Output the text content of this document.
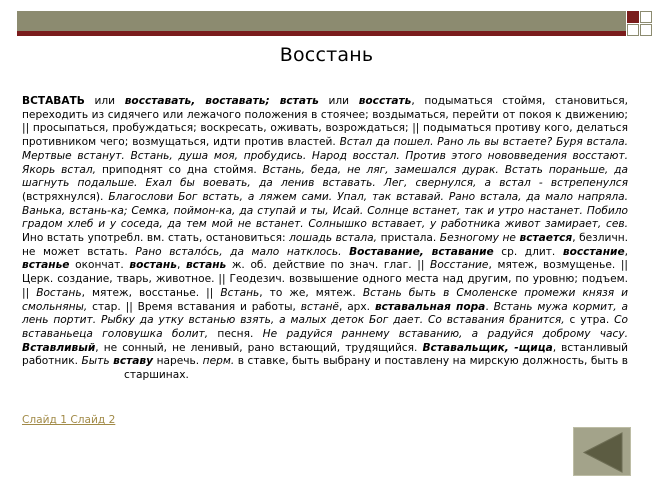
Восстань
ВСТАВАТЬ или восставать, воставать; встать или восстать, подыматься стоймя, становиться, переходить из сидячего или лежачого положения в стоячее; воздыматься, перейти от покоя к движению; || просыпаться, пробуждаться; воскресать, оживать, возрождаться; || подыматься противу кого, делаться противником чего; возмущаться, идти против властей. Встал да пошел. Рано ль вы встаете? Буря встала. Мертвые встанут. Встань, душа моя, пробудись. Народ восстал. Против этого нововведения восстают. Якорь встал, приподнят со дна стоймя. Встань, беда, не ляг, замешался дурак. Встать пораньше, да шагнуть подальше. Ехал бы воевать, да ленив вставать. Лег, свернулся, а встал - встрепенулся (встряхнулся). Благослови Бог встать, а ляжем сами. Упал, так вставай. Рано встала, да мало напряла. Ванька, встань-ка; Семка, поймон-ка, да ступай и ты, Исай. Солнце встанет, так и утро настанет. Побило градом хлеб и у соседа, да тем мой не встанет. Солнышко вставает, у работника живот замирает, сев. Ино встать употребл. вм. стать, остановиться: лошадь встала, пристала. Безногому не встается, безличн. не может встать. Рано встало́сь, да мало натклось. Воставание, вставание ср. длит. восстание, встанье окончат. востань, встань ж. об. действие по знач. глаг. || Восстание, мятеж, возмущенье. || Церк. создание, тварь, животное. || Геодезич. возвышение одного места над другим, по уровню; подъем. || Востань, мятеж, восстанье. || Встань, то же, мятеж. Встань быть в Смоленске промежи князя и смольняны, стар. || Время вставания и работы, встанё, арх. вставальная пора. Встань мужа кормит, а лень портит. Рыбку да утку встанью взять, а малых деток Бог дает. Со вставания бранится, с утра. Со вставаньеца головушка болит, песня. Не радуйся раннему вставанию, а радуйся доброму часу. Вставливый, не сонный, не ленивый, рано встающий, трудящийся. Вставальщик, -щица, встанливый работник. Быть вставу наречь. перм. в ставке, быть выбрану и поставлену на мирскую должность, быть в старшинах.
Слайд 1 Слайд 2
